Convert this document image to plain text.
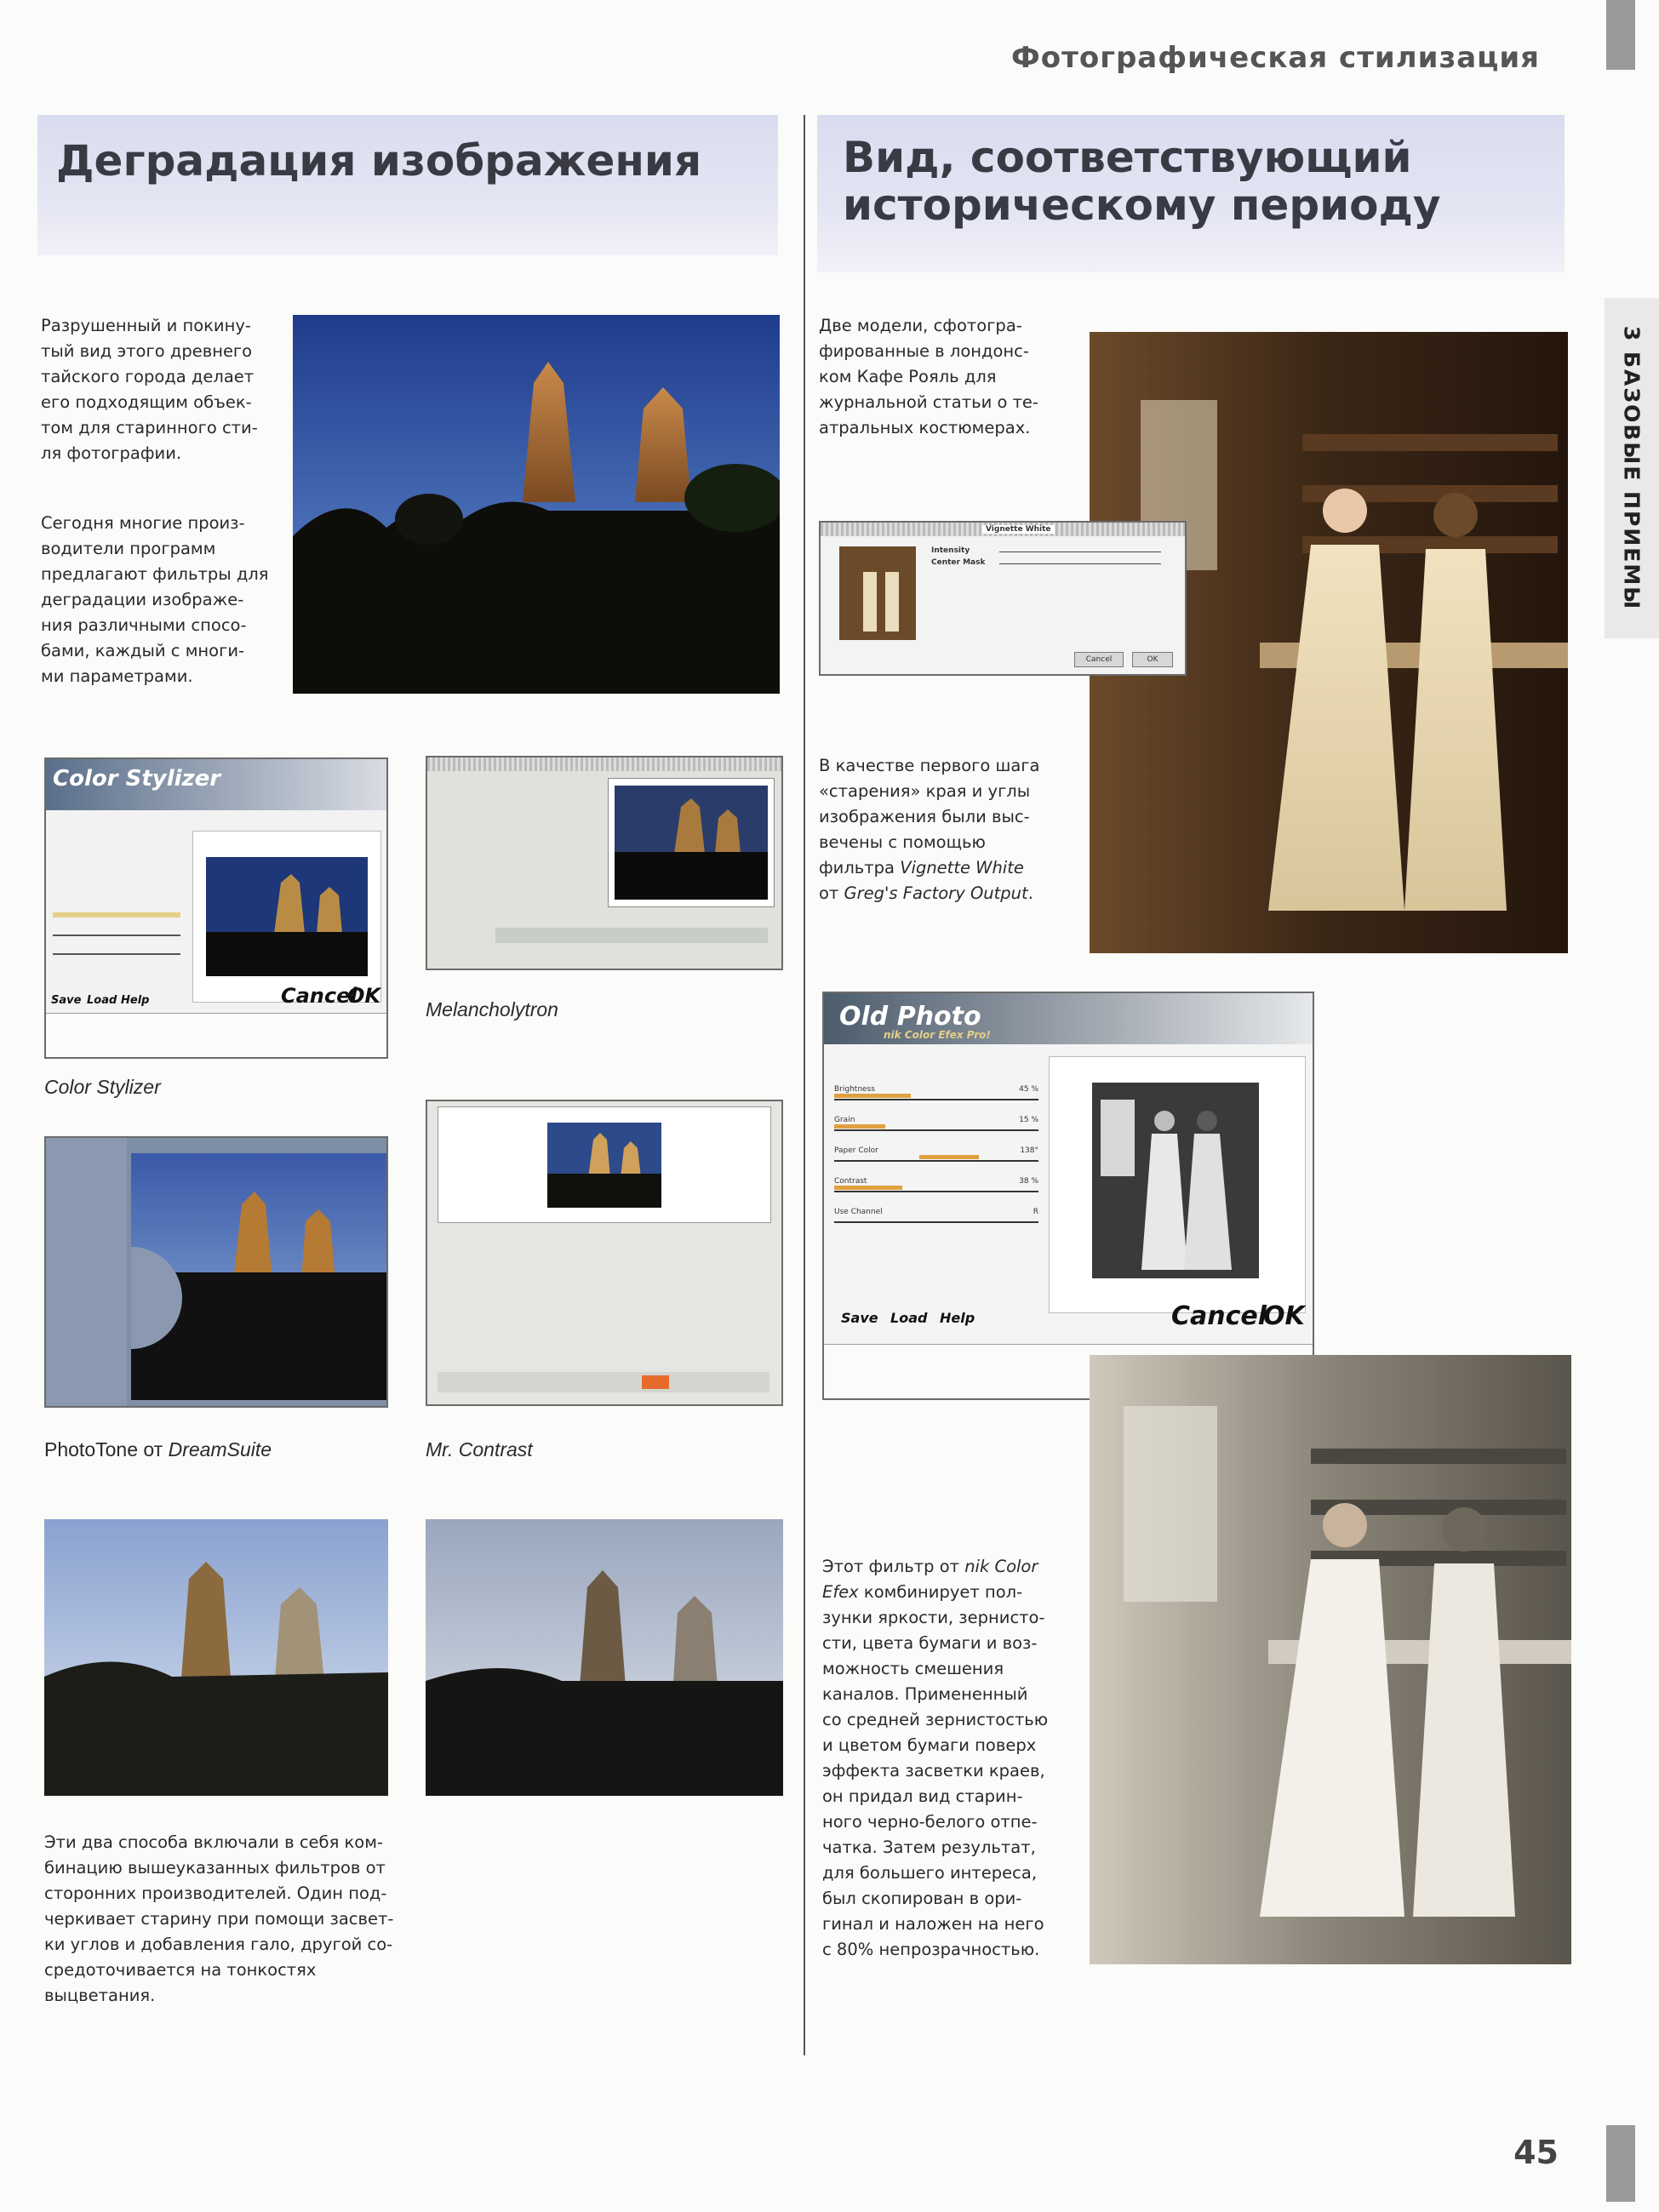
Фотографическая стилизация
3 БАЗОВЫЕ ПРИЕМЫ
Деградация изображения	Вид, соответствующий историческому периоду
Разрушенный и покину-
тый вид этого древнего
тайского города делает
его подходящим объек-
том для старинного сти-
ля фотографии.
Сегодня многие произ-
водители программ
предлагают фильтры для
деградации изображе-
ния различными спосо-
бами, каждый с многи-
ми параметрами.
Color Stylizer
Save Load Help	Cancel
OK
Color Stylizer
Melancholytron
PhotoTone от DreamSuite	Mr. Contrast
Эти два способа включали в себя ком-
бинацию вышеуказанных фильтров от
сторонних производителей. Один под-
черкивает старину при помощи засвет-
ки углов и добавления гало, другой со-
средоточивается на тонкостях
выцветания.
Две модели, сфотогра-
фированные в лондонс-
ком Кафе Рояль для
журнальной статьи о те-
атральных костюмерах.
Vignette White
Intensity
Center Mask
Cancel	OK
В качестве первого шага
«старения» края и углы
изображения были выс-
вечены с помощью
фильтра Vignette White
от Greg's Factory Output.
Old Photo
nik Color Efex Pro!
Brightness	45 %
Grain	15 %
Paper Color	138°
Contrast	38 %
Use Channel	R
Save Load Help	Cancel
OK
Этот фильтр от nik Color
Efex комбинирует пол-
зунки яркости, зернисто-
сти, цвета бумаги и воз-
можность смешения
каналов. Примененный
со средней зернистостью
и цветом бумаги поверх
эффекта засветки краев,
он придал вид старин-
ного черно-белого отпе-
чатка. Затем результат,
для большего интереса,
был скопирован в ори-
гинал и наложен на него
с 80% непрозрачностью.
45
